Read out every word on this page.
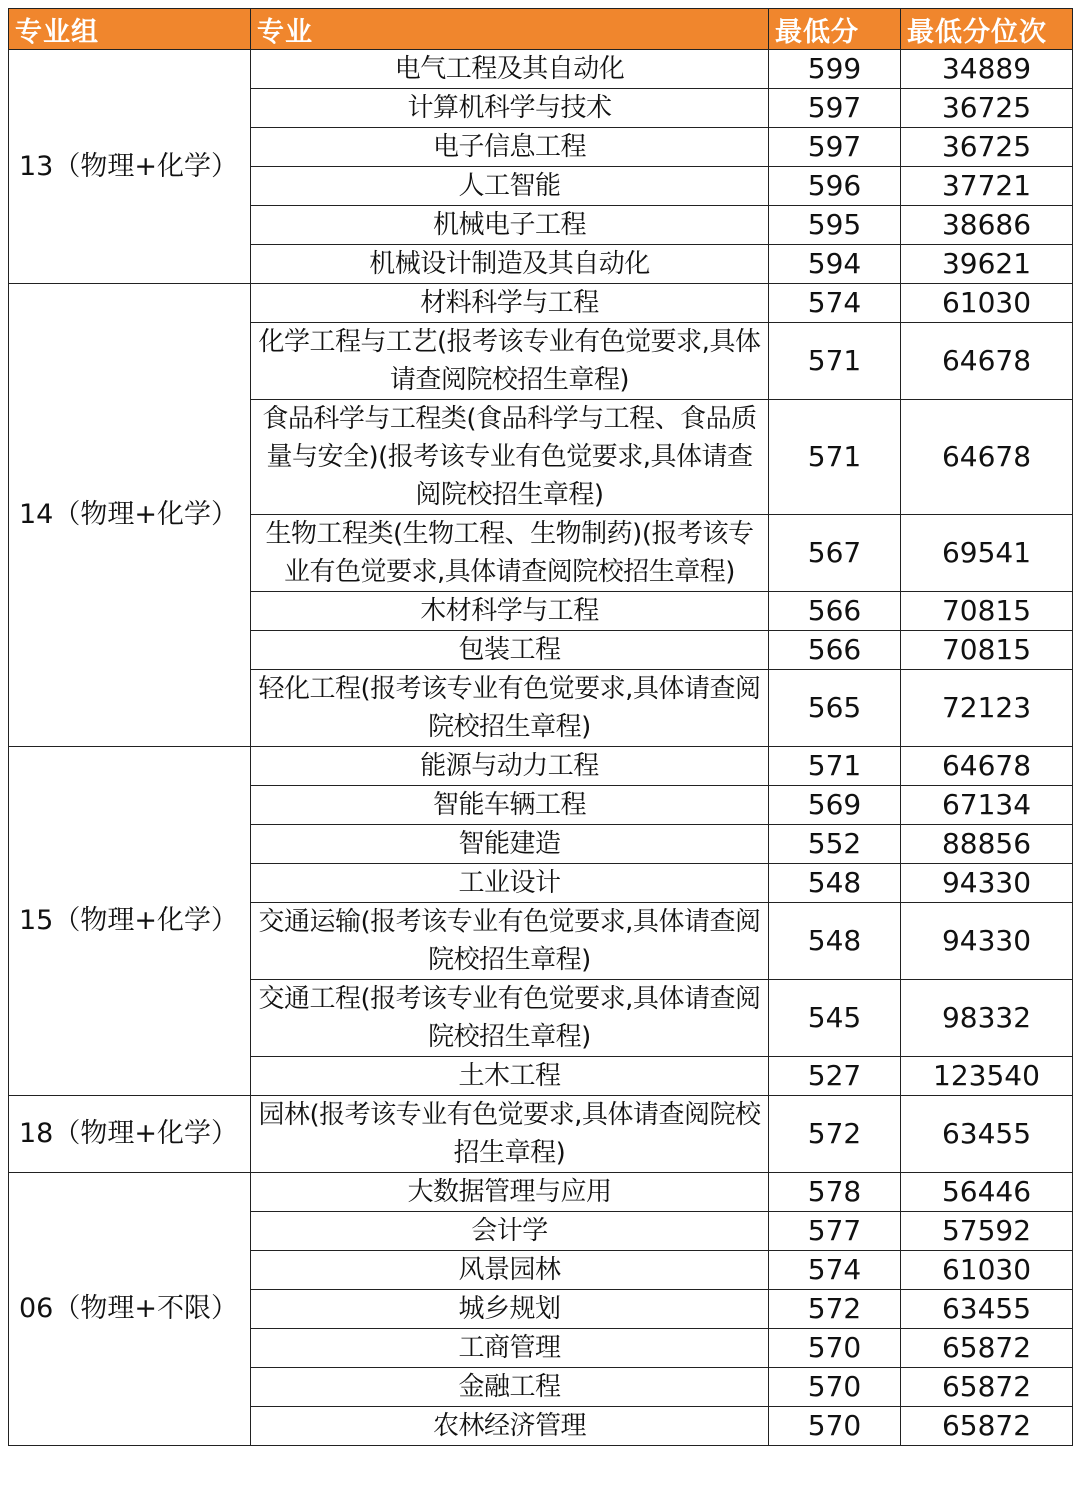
专业组	专业	最低分	最低分位次
13（物理+化学）	电气工程及其自动化	599	34889
	计算机科学与技术	597	36725
	电子信息工程	597	36725
	人工智能	596	37721
	机械电子工程	595	38686
	机械设计制造及其自动化	594	39621
14（物理+化学）	材料科学与工程	574	61030
	化学工程与工艺(报考该专业有色觉要求,具体请查阅院校招生章程)	571	64678
	食品科学与工程类(食品科学与工程、食品质量与安全)(报考该专业有色觉要求,具体请查阅院校招生章程)	571	64678
	生物工程类(生物工程、生物制药)(报考该专业有色觉要求,具体请查阅院校招生章程)	567	69541
	木材科学与工程	566	70815
	包装工程	566	70815
	轻化工程(报考该专业有色觉要求,具体请查阅院校招生章程)	565	72123
15（物理+化学）	能源与动力工程	571	64678
	智能车辆工程	569	67134
	智能建造	552	88856
	工业设计	548	94330
	交通运输(报考该专业有色觉要求,具体请查阅院校招生章程)	548	94330
	交通工程(报考该专业有色觉要求,具体请查阅院校招生章程)	545	98332
	土木工程	527	123540
18（物理+化学）	园林(报考该专业有色觉要求,具体请查阅院校招生章程)	572	63455
06（物理+不限）	大数据管理与应用	578	56446
	会计学	577	57592
	风景园林	574	61030
	城乡规划	572	63455
	工商管理	570	65872
	金融工程	570	65872
	农林经济管理	570	65872
